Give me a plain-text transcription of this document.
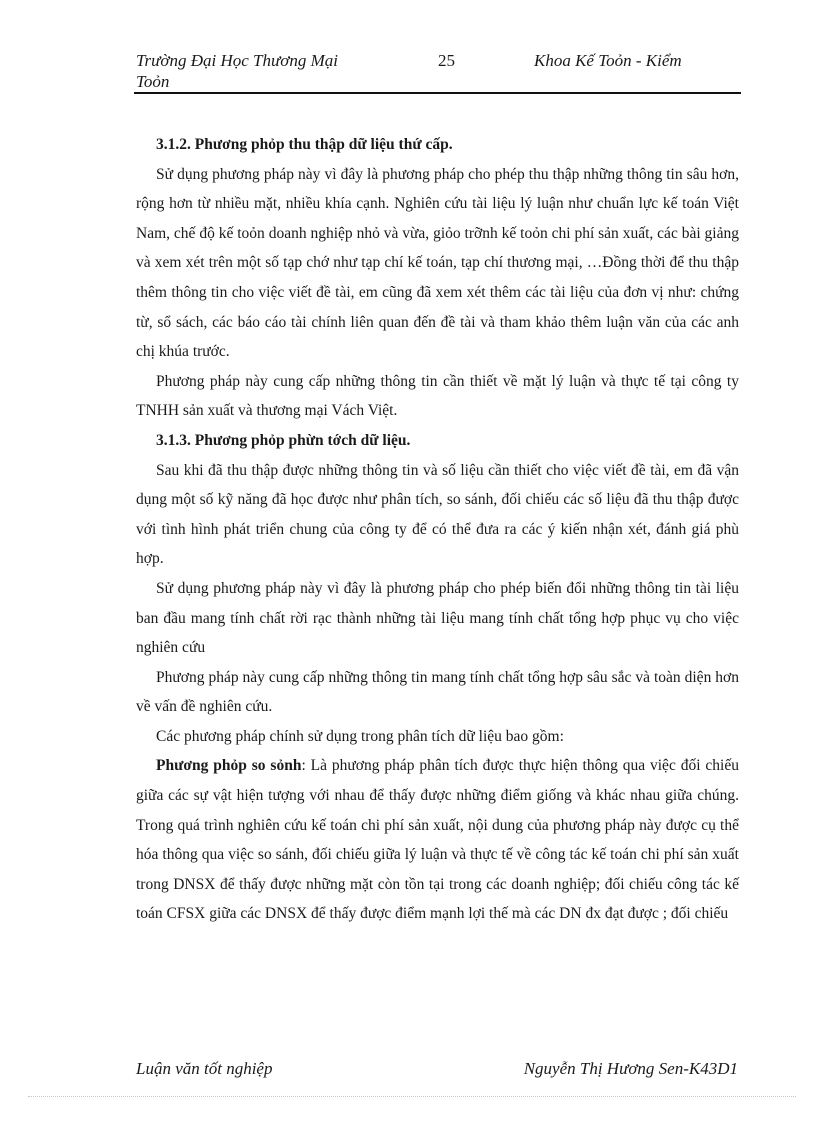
Trường Đại Học Thương Mại
Toỏn
25	Khoa Kế Toỏn - Kiểm

3.1.2. Phương phỏp thu thập dữ liệu thứ cấp.

Sử dụng phương pháp này vì đây là phương pháp cho phép thu thập những thông tin sâu hơn, rộng hơn từ nhiều mặt, nhiều khía cạnh. Nghiên cứu tài liệu lý luận như chuẩn lực kế toán Việt Nam, chế độ kế toỏn doanh nghiệp nhỏ và vừa, giỏo trỡnh kế toỏn chi phí sản xuất, các bài giảng và xem xét trên một số tạp chớ như tạp chí kế toán, tạp chí thương mại, …Đồng thời để thu thập thêm thông tin cho việc viết đề tài, em cũng đã xem xét thêm các tài liệu của đơn vị như: chứng từ, sổ sách, các báo cáo tài chính liên quan đến đề tài và tham khảo thêm luận văn của các anh chị khúa trước.

Phương pháp này cung cấp những thông tin cần thiết về mặt lý luận và thực tế tại công ty TNHH sản xuất và thương mại Vách Việt.

3.1.3. Phương phỏp phừn tớch dữ liệu.

Sau khi đã thu thập được những thông tin và số liệu cần thiết cho việc viết đề tài, em đã vận dụng một số kỹ năng đã học được như phân tích, so sánh, đối chiếu các số liệu đã thu thập được với tình hình phát triển chung của công ty để có thể đưa ra các ý kiến nhận xét, đánh giá phù hợp.

Sử dụng phương pháp này vì đây là phương pháp cho phép biến đổi những thông tin tài liệu ban đầu mang tính chất rời rạc thành những tài liệu mang tính chất tổng hợp phục vụ cho việc nghiên cứu

Phương pháp này cung cấp những thông tin mang tính chất tổng hợp sâu sắc và toàn diện hơn về vấn đề nghiên cứu.

Các phương pháp chính sử dụng trong phân tích dữ liệu bao gồm:

Phương phỏp so sỏnh: Là phương pháp phân tích được thực hiện thông qua việc đối chiếu giữa các sự vật hiện tượng với nhau để thấy được những điểm giống và khác nhau giữa chúng. Trong quá trình nghiên cứu kế toán chi phí sản xuất, nội dung của phương pháp này được cụ thể hóa thông qua việc so sánh, đối chiếu giữa lý luận và thực tế về công tác kế toán chi phí sản xuất trong DNSX để thấy được những mặt còn tồn tại trong các doanh nghiệp; đối chiếu công tác kế toán CFSX giữa các DNSX để thấy được điểm mạnh lợi thế mà các DN đx đạt được ; đối chiếu

Luận văn tốt nghiệp	Nguyễn Thị Hương Sen-K43D1
